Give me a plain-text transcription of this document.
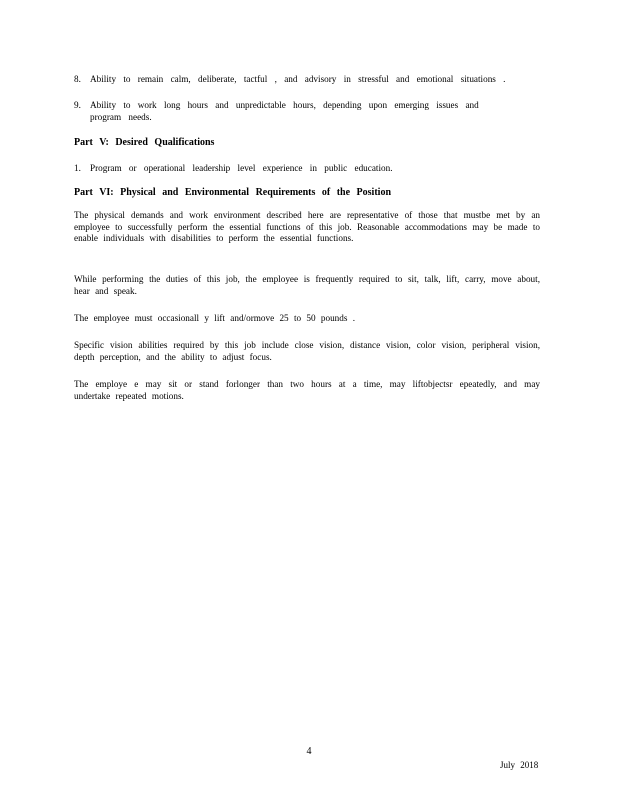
8. Ability to remain calm, deliberate, tactful , and advisory in stressful and emotional situations .
9. Ability to work long hours and unpredictable hours, depending upon emerging issues and
program needs.
Part V: Desired Qualifications
1. Program or operational leadership level experience in public education.
Part VI: Physical and Environmental Requirements of the Position
The physical demands and work environment described here are representative of those that mustbe met by an employee to successfully perform the essential functions of this job. Reasonable accommodations may be made to enable individuals with disabilities to perform the essential functions.
While performing the duties of this job, the employee is frequently required to sit, talk, lift, carry, move about, hear and speak.
The employee must occasionall y lift and/ormove 25 to 50 pounds .
Specific vision abilities required by this job include close vision, distance vision, color vision, peripheral vision, depth perception, and the ability to adjust focus.
The employe e may sit or stand forlonger than two hours at a time, may liftobjectsr epeatedly, and may undertake repeated motions.
4
July 2018
